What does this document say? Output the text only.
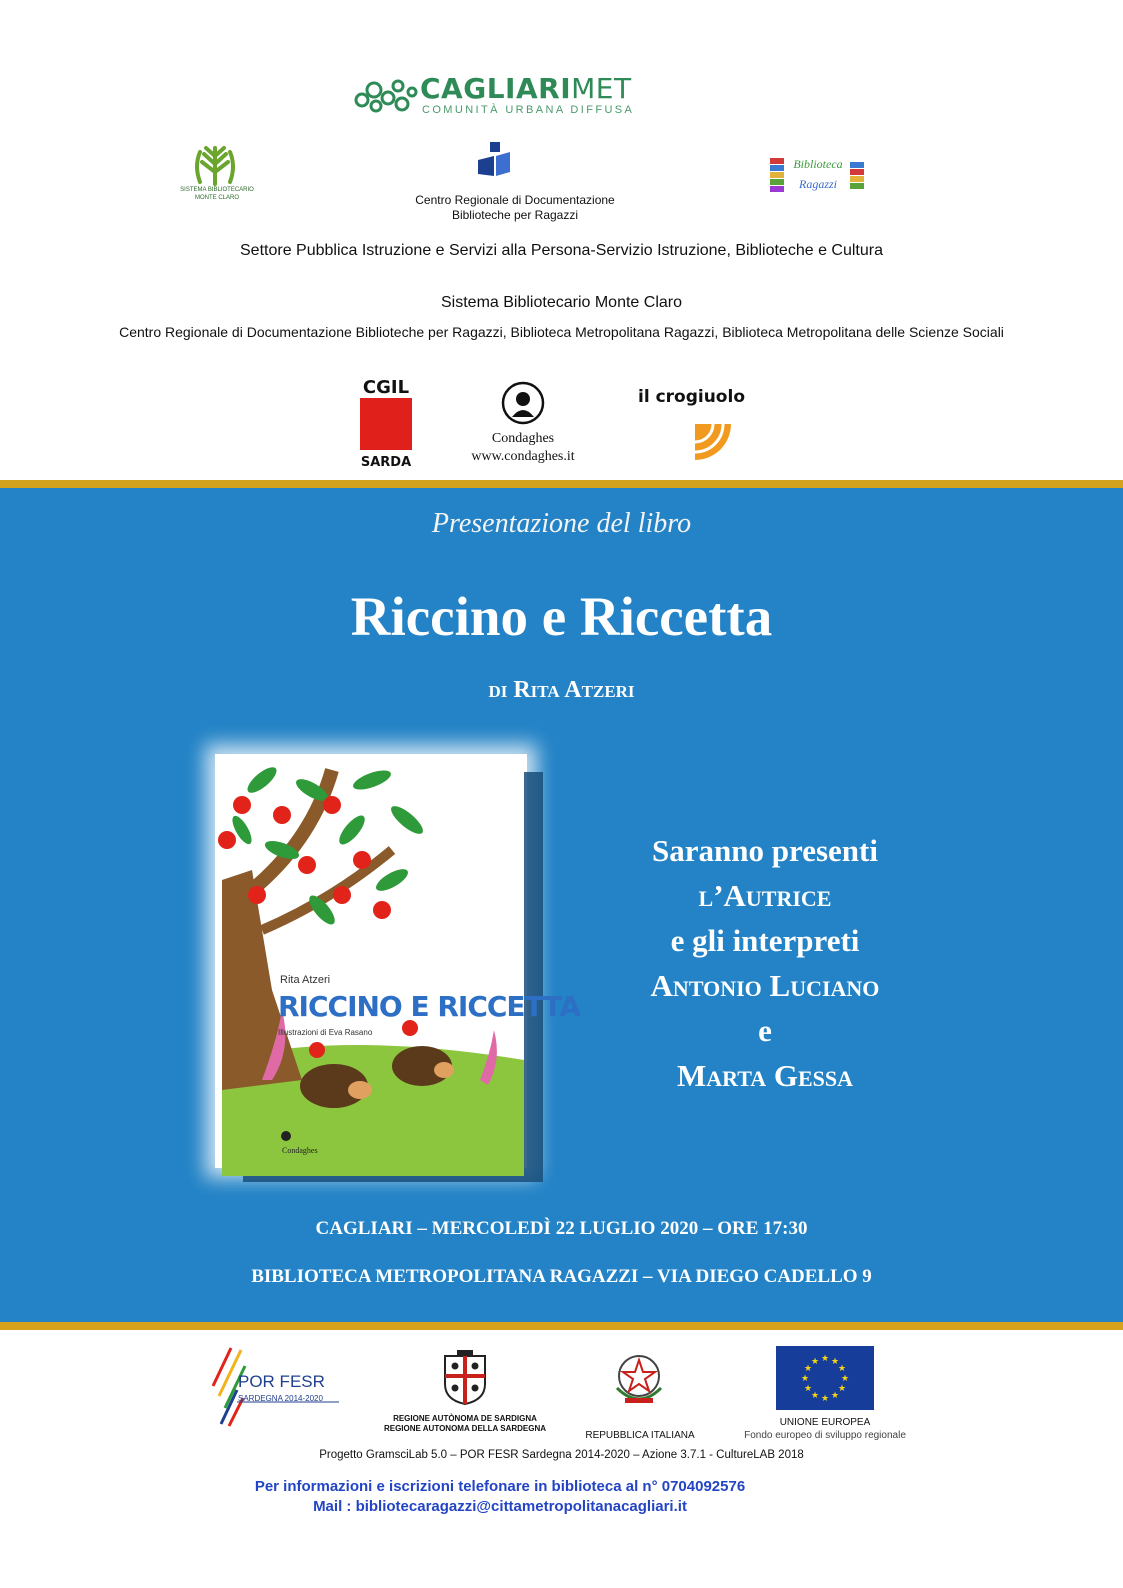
CAGLIARIMET
COMUNITÀ URBANA DIFFUSA
SISTEMA BIBLIOTECARIO
MONTE CLARO	Centro Regionale di Documentazione
Biblioteche per Ragazzi
Biblioteca
Ragazzi
Settore Pubblica Istruzione e Servizi alla Persona-Servizio Istruzione, Biblioteche e Cultura
Sistema Bibliotecario Monte Claro
Centro Regionale di Documentazione Biblioteche per Ragazzi, Biblioteca Metropolitana Ragazzi, Biblioteca Metropolitana delle Scienze Sociali
CGIL
SARDA
Condaghes
www.condaghes.it
il crogiuolo
Presentazione del libro
Riccino e Riccetta
di Rita Atzeri
Rita Atzeri
RICCINO E RICCETTA
Illustrazioni di Eva Rasano
Condaghes
Saranno presenti
l’Autrice
e gli interpreti
Antonio Luciano
e
Marta Gessa
CAGLIARI – MERCOLEDÌ 22 LUGLIO 2020 – ORE 17:30
BIBLIOTECA METROPOLITANA RAGAZZI – VIA DIEGO CADELLO 9
POR FESR
SARDEGNA 2014-2020
REGIONE AUTÒNOMA DE SARDIGNA
REGIONE AUTONOMA DELLA SARDEGNA
REPUBBLICA ITALIANA
★ ★
★
★
★
★
★
★
★
★
★
★
UNIONE EUROPEA
Fondo europeo di sviluppo regionale
Progetto GramsciLab 5.0 – POR FESR Sardegna 2014-2020 – Azione 3.7.1 - CultureLAB 2018
Per informazioni e iscrizioni telefonare in biblioteca al n° 0704092576
Mail : bibliotecaragazzi@cittametropolitanacagliari.it
